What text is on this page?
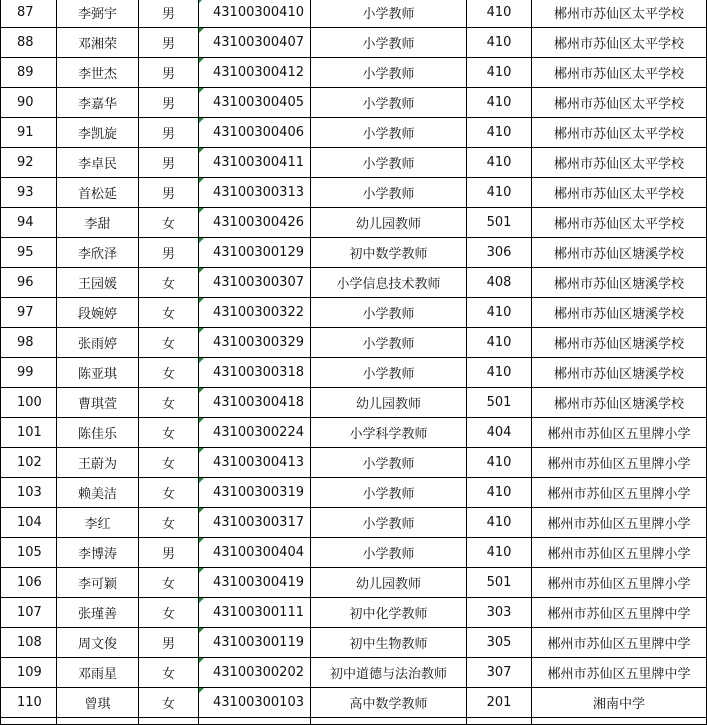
87	李弼宇	男	43100300410	小学教师	410	郴州市苏仙区太平学校
88	邓湘荣	男	43100300407	小学教师	410	郴州市苏仙区太平学校
89	李世杰	男	43100300412	小学教师	410	郴州市苏仙区太平学校
90	李嘉华	男	43100300405	小学教师	410	郴州市苏仙区太平学校
91	李凯旋	男	43100300406	小学教师	410	郴州市苏仙区太平学校
92	李卓民	男	43100300411	小学教师	410	郴州市苏仙区太平学校
93	首松延	男	43100300313	小学教师	410	郴州市苏仙区太平学校
94	李甜	女	43100300426	幼儿园教师	501	郴州市苏仙区太平学校
95	李欣泽	男	43100300129	初中数学教师	306	郴州市苏仙区塘溪学校
96	王园媛	女	43100300307	小学信息技术教师	408	郴州市苏仙区塘溪学校
97	段婉婷	女	43100300322	小学教师	410	郴州市苏仙区塘溪学校
98	张雨婷	女	43100300329	小学教师	410	郴州市苏仙区塘溪学校
99	陈亚琪	女	43100300318	小学教师	410	郴州市苏仙区塘溪学校
100	曹琪萱	女	43100300418	幼儿园教师	501	郴州市苏仙区塘溪学校
101	陈佳乐	女	43100300224	小学科学教师	404	郴州市苏仙区五里牌小学
102	王蔚为	女	43100300413	小学教师	410	郴州市苏仙区五里牌小学
103	赖美洁	女	43100300319	小学教师	410	郴州市苏仙区五里牌小学
104	李红	女	43100300317	小学教师	410	郴州市苏仙区五里牌小学
105	李博涛	男	43100300404	小学教师	410	郴州市苏仙区五里牌小学
106	李可颖	女	43100300419	幼儿园教师	501	郴州市苏仙区五里牌小学
107	张瑾善	女	43100300111	初中化学教师	303	郴州市苏仙区五里牌中学
108	周文俊	男	43100300119	初中生物教师	305	郴州市苏仙区五里牌中学
109	邓雨星	女	43100300202	初中道德与法治教师	307	郴州市苏仙区五里牌中学
110	曾琪	女	43100300103	高中数学教师	201	湘南中学
